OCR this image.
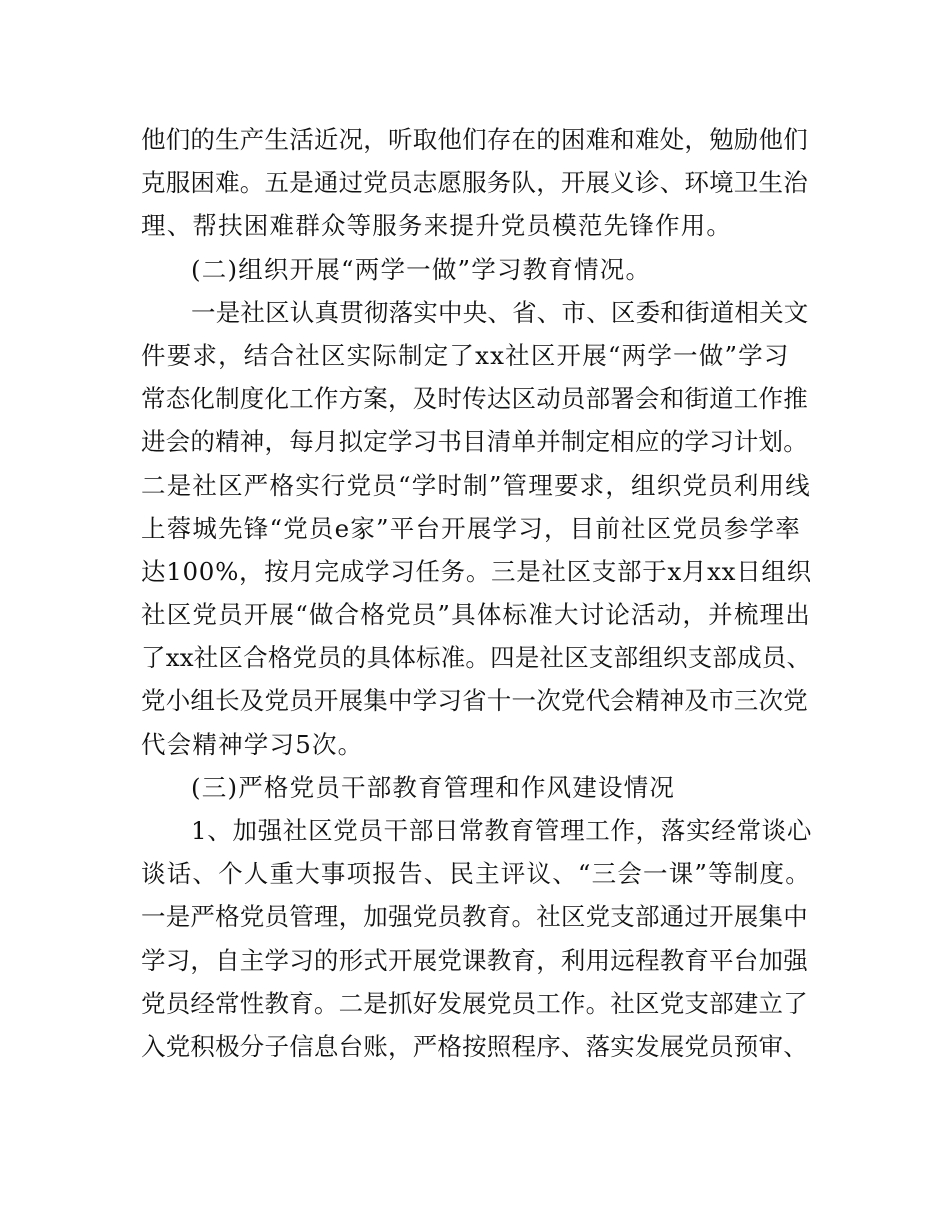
他们的生产生活近况，听取他们存在的困难和难处，勉励他们
克服困难。五是通过党员志愿服务队，开展义诊、环境卫生治
理、帮扶困难群众等服务来提升党员模范先锋作用。
(二)组织开展“两学一做”学习教育情况。
一是社区认真贯彻落实中央、省、市、区委和街道相关文
件要求，结合社区实际制定了xx社区开展“两学一做”学习
常态化制度化工作方案，及时传达区动员部署会和街道工作推
进会的精神，每月拟定学习书目清单并制定相应的学习计划。
二是社区严格实行党员“学时制”管理要求，组织党员利用线
上蓉城先锋“党员e家”平台开展学习，目前社区党员参学率
达100%，按月完成学习任务。三是社区支部于x月xx日组织
社区党员开展“做合格党员”具体标准大讨论活动，并梳理出
了xx社区合格党员的具体标准。四是社区支部组织支部成员、
党小组长及党员开展集中学习省十一次党代会精神及市三次党
代会精神学习5次。
(三)严格党员干部教育管理和作风建设情况
1、加强社区党员干部日常教育管理工作，落实经常谈心
谈话、个人重大事项报告、民主评议、“三会一课”等制度。
一是严格党员管理，加强党员教育。社区党支部通过开展集中
学习，自主学习的形式开展党课教育，利用远程教育平台加强
党员经常性教育。二是抓好发展党员工作。社区党支部建立了
入党积极分子信息台账，严格按照程序、落实发展党员预审、
